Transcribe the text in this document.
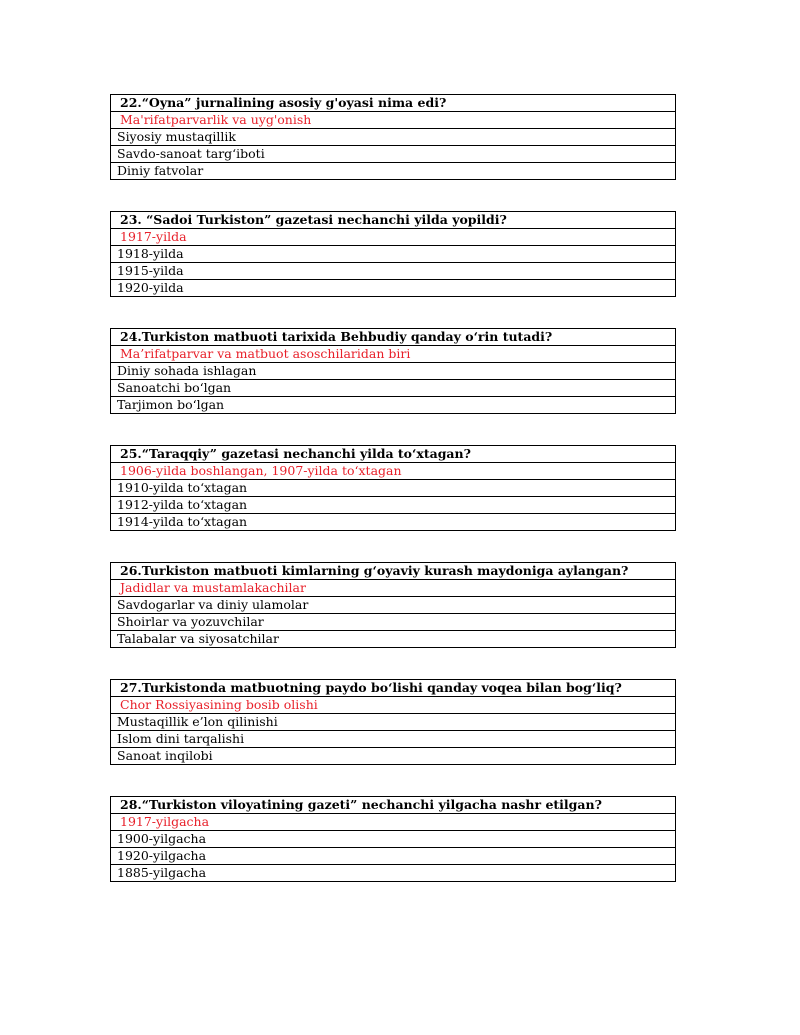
22.“Oyna” jurnalining asosiy g'oyasi nima edi?
Ma'rifatparvarlik va uyg'onish
Siyosiy mustaqillik
Savdo-sanoat targ‘iboti
Diniy fatvolar
23. “Sadoi Turkiston” gazetasi nechanchi yilda yopildi?
1917-yilda
1918-yilda
1915-yilda
1920-yilda
24.Turkiston matbuoti tarixida Behbudiy qanday o‘rin tutadi?
Ma’rifatparvar va matbuot asoschilaridan biri
Diniy sohada ishlagan
Sanoatchi bo‘lgan
Tarjimon bo‘lgan
25.“Taraqqiy” gazetasi nechanchi yilda to‘xtagan?
1906-yilda boshlangan, 1907-yilda to‘xtagan
1910-yilda to‘xtagan
1912-yilda to‘xtagan
1914-yilda to‘xtagan
26.Turkiston matbuoti kimlarning g‘oyaviy kurash maydoniga aylangan?
Jadidlar va mustamlakachilar
Savdogarlar va diniy ulamolar
Shoirlar va yozuvchilar
Talabalar va siyosatchilar
27.Turkistonda matbuotning paydo bo‘lishi qanday voqea bilan bog‘liq?
Chor Rossiyasining bosib olishi
Mustaqillik e’lon qilinishi
Islom dini tarqalishi
Sanoat inqilobi
28.“Turkiston viloyatining gazeti” nechanchi yilgacha nashr etilgan?
1917-yilgacha
1900-yilgacha
1920-yilgacha
1885-yilgacha
